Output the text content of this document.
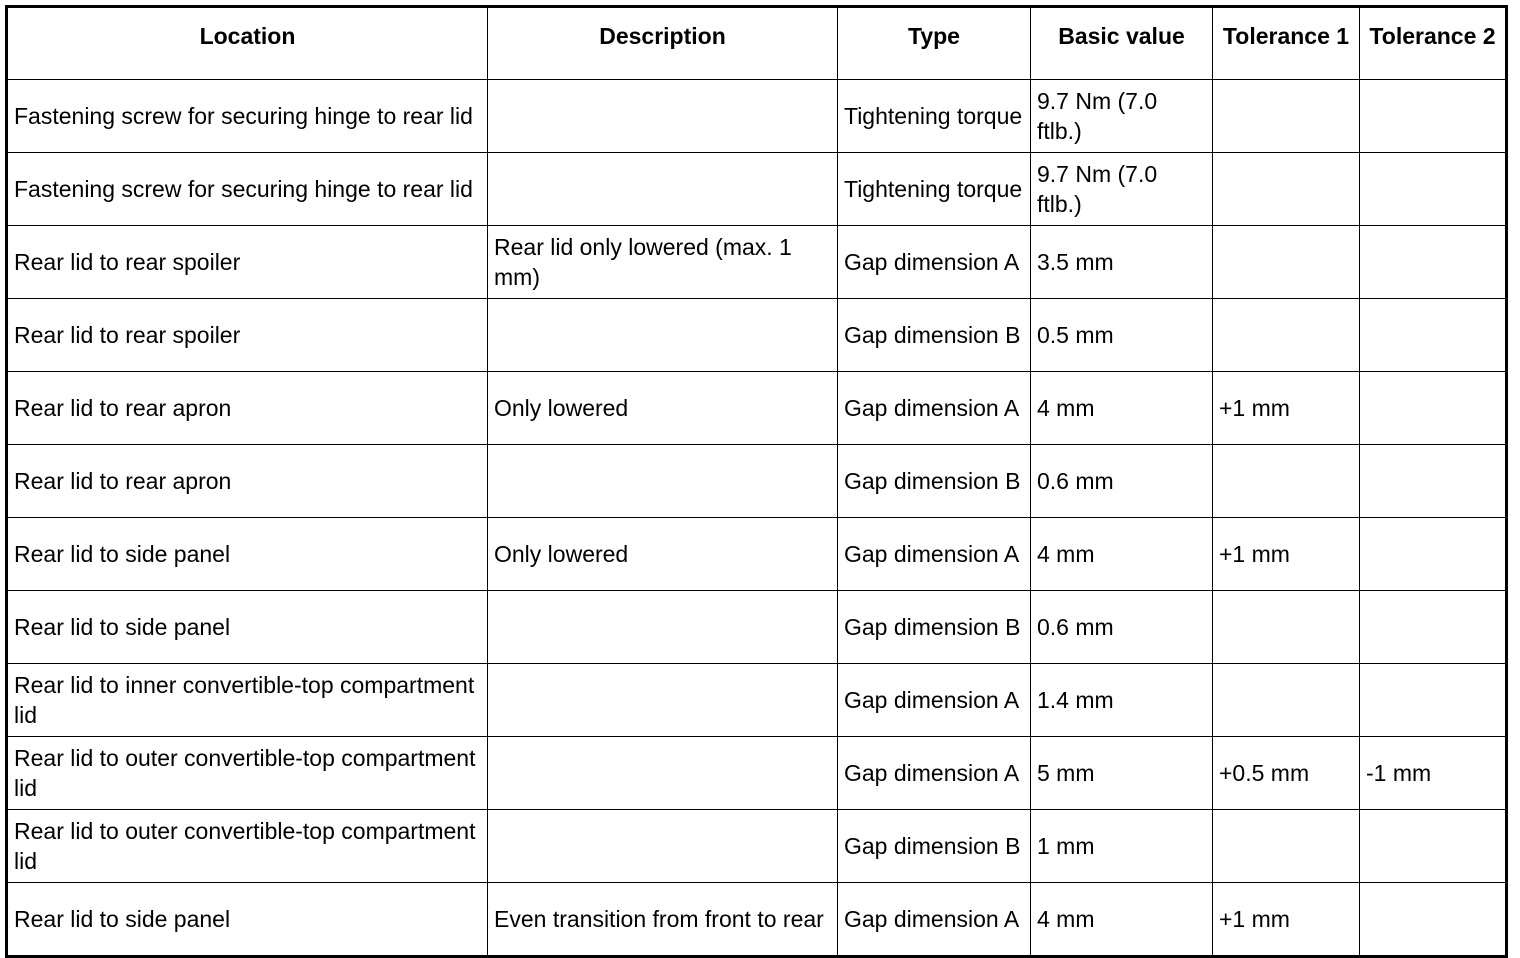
Location	Description	Type	Basic value	Tolerance 1	Tolerance 2

Fastening screw for securing hinge to rear lid		Tightening torque	9.7 Nm (7.0 ftlb.)		

Fastening screw for securing hinge to rear lid		Tightening torque	9.7 Nm (7.0 ftlb.)		

Rear lid to rear spoiler	Rear lid only lowered (max. 1 mm)	Gap dimension A	3.5 mm		

Rear lid to rear spoiler		Gap dimension B	0.5 mm		

Rear lid to rear apron	Only lowered	Gap dimension A	4 mm	+1 mm	

Rear lid to rear apron		Gap dimension B	0.6 mm		

Rear lid to side panel	Only lowered	Gap dimension A	4 mm	+1 mm	

Rear lid to side panel		Gap dimension B	0.6 mm		

Rear lid to inner convertible-top compartment lid		Gap dimension A	1.4 mm		

Rear lid to outer convertible-top compartment lid		Gap dimension A	5 mm	+0.5 mm	-1 mm

Rear lid to outer convertible-top compartment lid		Gap dimension B	1 mm		

Rear lid to side panel	Even transition from front to rear	Gap dimension A	4 mm	+1 mm	
